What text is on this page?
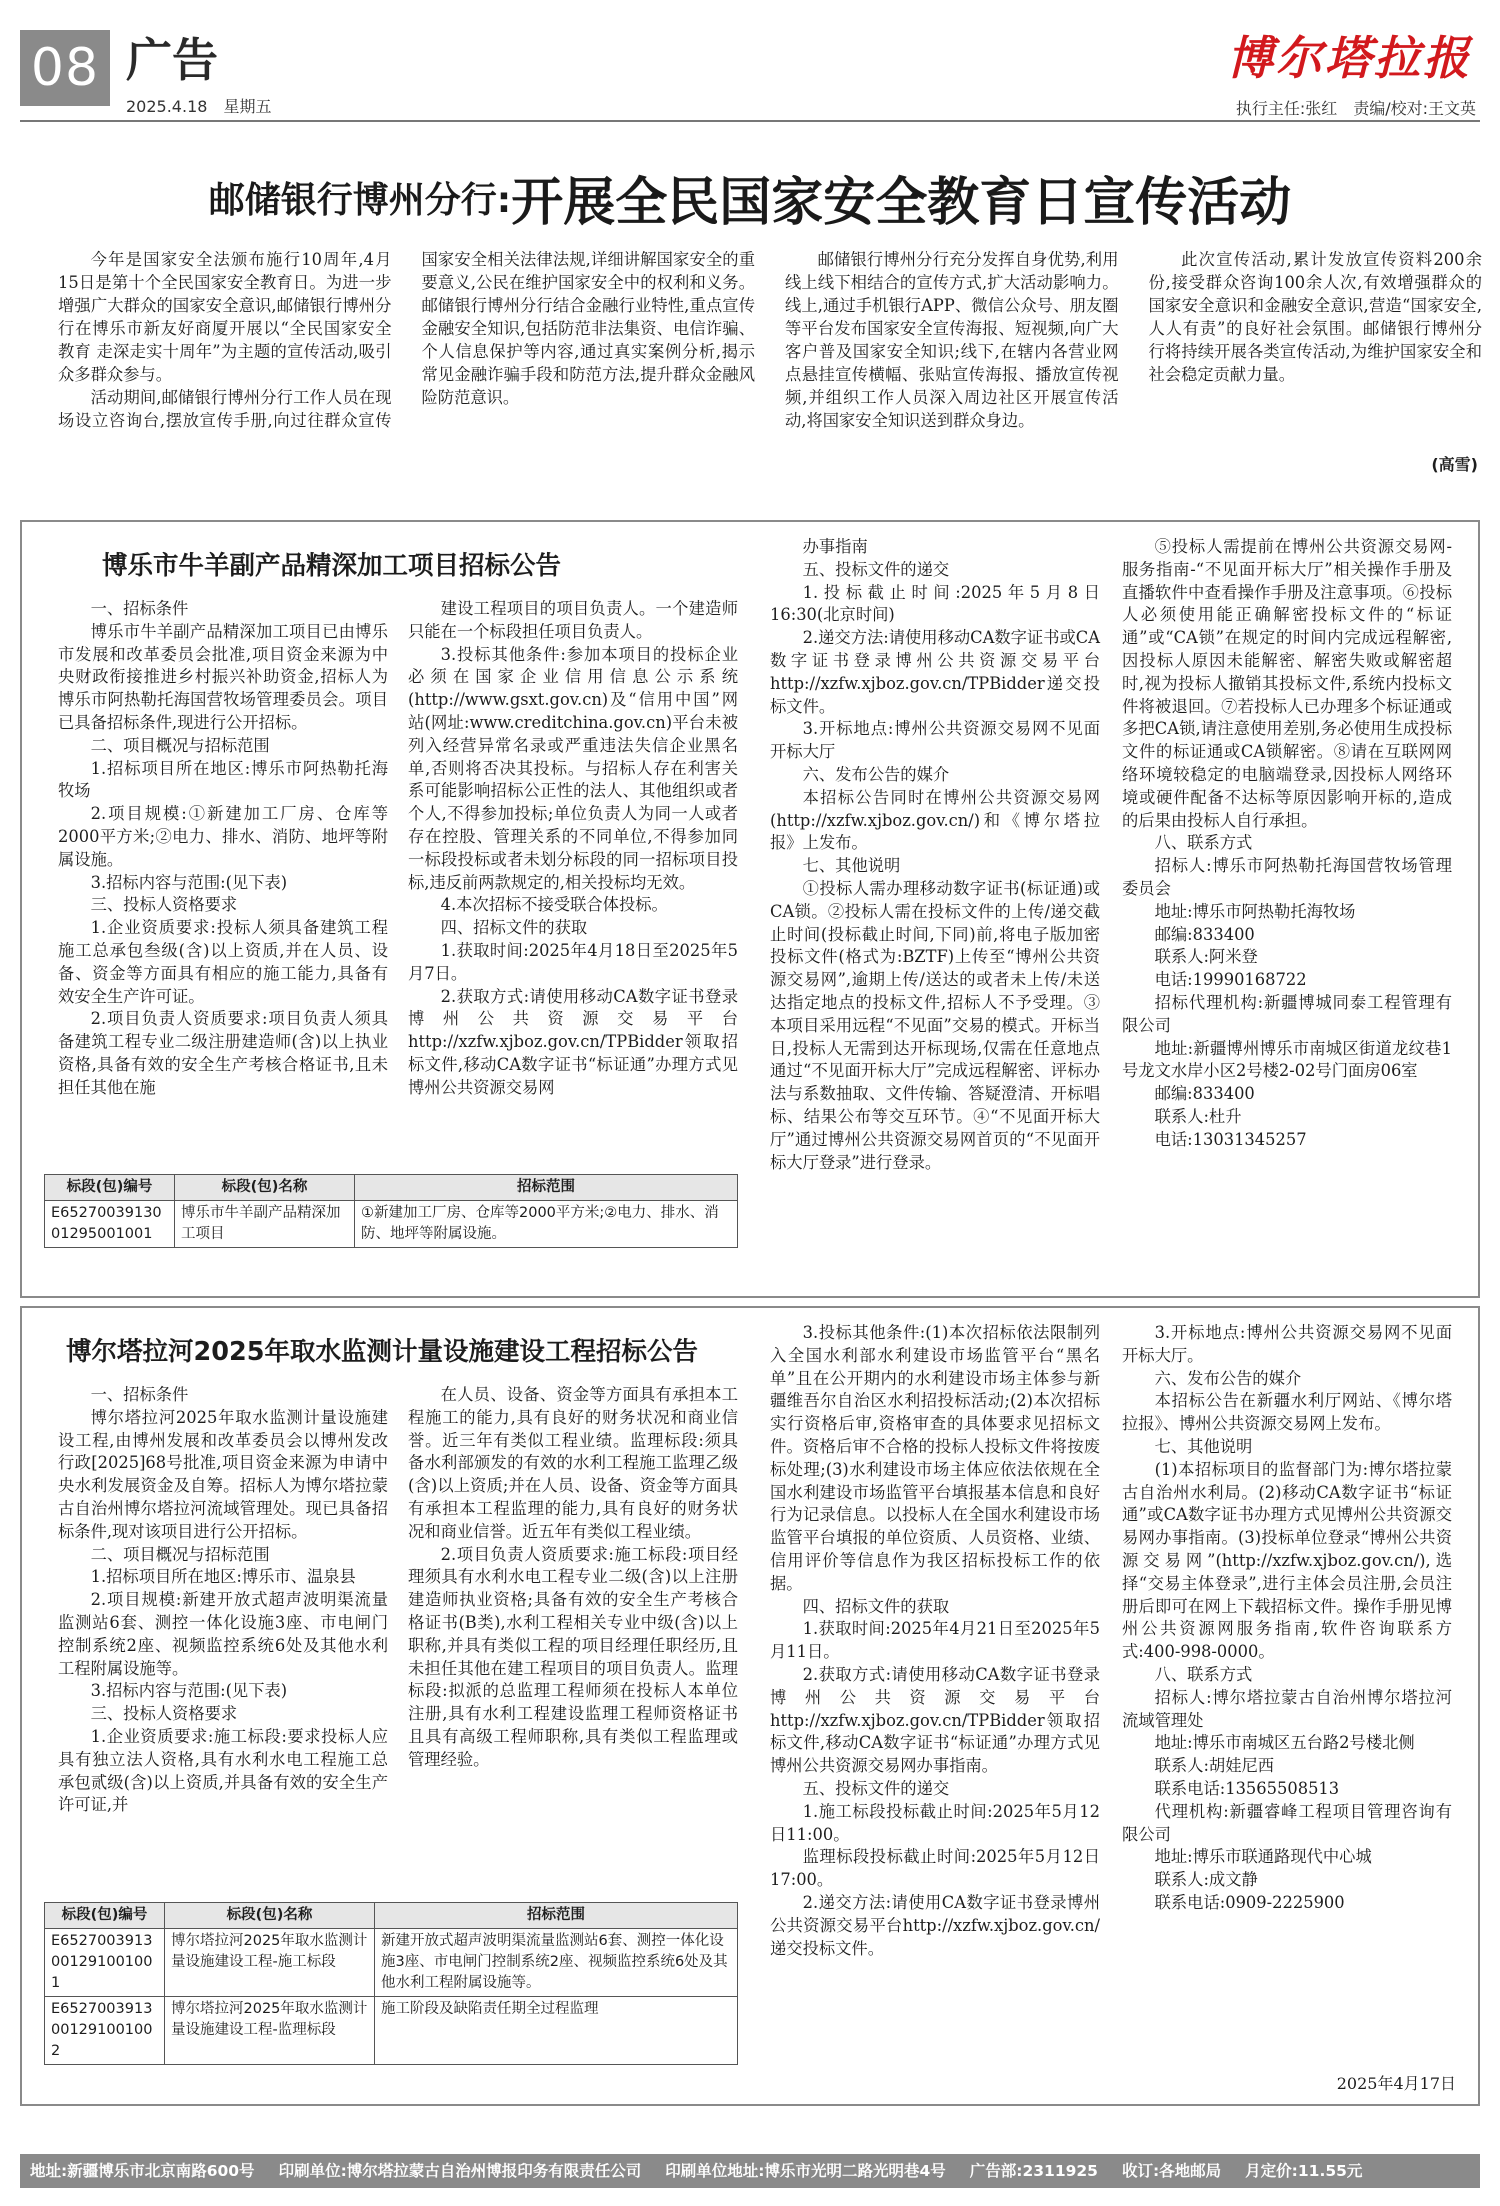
08 广告
2025.4.18　 星期五
博尔塔拉报
执行主任:张红　责编/校对:王文英
邮储银行博州分行:开展全民国家安全教育日宣传活动

今年是国家安全法颁布施行10周年,4月15日是第十个全民国家安全教育日。为进一步增强广大群众的国家安全意识,邮储银行博州分行在博乐市新友好商厦开展以“全民国家安全教育 走深走实十周年”为主题的宣传活动,吸引众多群众参与。

活动期间,邮储银行博州分行工作人员在现场设立咨询台,摆放宣传手册,向过往群众宣传国家安全相关法律法规,详细讲解国家安全的重要意义,公民在维护国家安全中的权利和义务。邮储银行博州分行结合金融行业特性,重点宣传金融安全知识,包括防范非法集资、电信诈骗、个人信息保护等内容,通过真实案例分析,揭示常见金融诈骗手段和防范方法,提升群众金融风险防范意识。

邮储银行博州分行充分发挥自身优势,利用线上线下相结合的宣传方式,扩大活动影响力。线上,通过手机银行APP、微信公众号、朋友圈等平台发布国家安全宣传海报、短视频,向广大客户普及国家安全知识;线下,在辖内各营业网点悬挂宣传横幅、张贴宣传海报、播放宣传视频,并组织工作人员深入周边社区开展宣传活动,将国家安全知识送到群众身边。

此次宣传活动,累计发放宣传资料200余份,接受群众咨询100余人次,有效增强群众的国家安全意识和金融安全意识,营造“国家安全,人人有责”的良好社会氛围。邮储银行博州分行将持续开展各类宣传活动,为维护国家安全和社会稳定贡献力量。

(高雪)
博乐市牛羊副产品精深加工项目招标公告

一、招标条件

博乐市牛羊副产品精深加工项目已由博乐市发展和改革委员会批准,项目资金来源为中央财政衔接推进乡村振兴补助资金,招标人为博乐市阿热勒托海国营牧场管理委员会。项目已具备招标条件,现进行公开招标。

二、项目概况与招标范围

1.招标项目所在地区:博乐市阿热勒托海牧场

2.项目规模:①新建加工厂房、仓库等2000平方米;②电力、排水、消防、地坪等附属设施。

3.招标内容与范围:(见下表)

三、投标人资格要求

1.企业资质要求:投标人须具备建筑工程施工总承包叁级(含)以上资质,并在人员、设备、资金等方面具有相应的施工能力,具备有效安全生产许可证。

2.项目负责人资质要求:项目负责人须具备建筑工程专业二级注册建造师(含)以上执业资格,具备有效的安全生产考核合格证书,且未担任其他在施

建设工程项目的项目负责人。一个建造师只能在一个标段担任项目负责人。

3.投标其他条件:参加本项目的投标企业必须在国家企业信用信息公示系统(http://www.gsxt.gov.cn)及“信用中国”网站(网址:www.creditchina.gov.cn)平台未被列入经营异常名录或严重违法失信企业黑名单,否则将否决其投标。与招标人存在利害关系可能影响招标公正性的法人、其他组织或者个人,不得参加投标;单位负责人为同一人或者存在控股、管理关系的不同单位,不得参加同一标段投标或者未划分标段的同一招标项目投标,违反前两款规定的,相关投标均无效。

4.本次招标不接受联合体投标。

四、招标文件的获取

1.获取时间:2025年4月18日至2025年5月7日。

2.获取方式:请使用移动CA数字证书登录博州公共资源交易平台http://xzfw.xjboz.gov.cn/TPBidder领取招标文件,移动CA数字证书“标证通”办理方式见博州公共资源交易网

办事指南

五、投标文件的递交

1.投标截止时间:2025年5月8日16:30(北京时间)

2.递交方法:请使用移动CA数字证书或CA数字证书登录博州公共资源交易平台http://xzfw.xjboz.gov.cn/TPBidder递交投标文件。

3.开标地点:博州公共资源交易网不见面开标大厅

六、发布公告的媒介

本招标公告同时在博州公共资源交易网(http://xzfw.xjboz.gov.cn/)和《博尔塔拉报》上发布。

七、其他说明

①投标人需办理移动数字证书(标证通)或CA锁。②投标人需在投标文件的上传/递交截止时间(投标截止时间,下同)前,将电子版加密投标文件(格式为:BZTF)上传至“博州公共资源交易网”,逾期上传/送达的或者未上传/未送达指定地点的投标文件,招标人不予受理。③本项目采用远程“不见面”交易的模式。开标当日,投标人无需到达开标现场,仅需在任意地点通过“不见面开标大厅”完成远程解密、评标办法与系数抽取、文件传输、答疑澄清、开标唱标、结果公布等交互环节。④“不见面开标大厅”通过博州公共资源交易网首页的“不见面开标大厅登录”进行登录。

⑤投标人需提前在博州公共资源交易网-服务指南-“不见面开标大厅”相关操作手册及直播软件中查看操作手册及注意事项。⑥投标人必须使用能正确解密投标文件的“标证通”或“CA锁”在规定的时间内完成远程解密,因投标人原因未能解密、解密失败或解密超时,视为投标人撤销其投标文件,系统内投标文件将被退回。⑦若投标人已办理多个标证通或多把CA锁,请注意使用差别,务必使用生成投标文件的标证通或CA锁解密。⑧请在互联网网络环境较稳定的电脑端登录,因投标人网络环境或硬件配备不达标等原因影响开标的,造成的后果由投标人自行承担。

八、联系方式

招标人:博乐市阿热勒托海国营牧场管理委员会

地址:博乐市阿热勒托海牧场

邮编:833400

联系人:阿米登

电话:19990168722

招标代理机构:新疆博城同泰工程管理有限公司

地址:新疆博州博乐市南城区街道龙纹巷1号龙文水岸小区2号楼2-02号门面房06室

邮编:833400

联系人:杜升

电话:13031345257

标段(包)编号	标段(包)名称	招标范围
E6527003913001295001001	博乐市牛羊副产品精深加工项目	①新建加工厂房、仓库等2000平方米;②电力、排水、消防、地坪等附属设施。
博尔塔拉河2025年取水监测计量设施建设工程招标公告

一、招标条件

博尔塔拉河2025年取水监测计量设施建设工程,由博州发展和改革委员会以博州发改行政[2025]68号批准,项目资金来源为申请中央水利发展资金及自筹。招标人为博尔塔拉蒙古自治州博尔塔拉河流域管理处。现已具备招标条件,现对该项目进行公开招标。

二、项目概况与招标范围

1.招标项目所在地区:博乐市、温泉县

2.项目规模:新建开放式超声波明渠流量监测站6套、测控一体化设施3座、市电闸门控制系统2座、视频监控系统6处及其他水利工程附属设施等。

3.招标内容与范围:(见下表)

三、投标人资格要求

1.企业资质要求:施工标段:要求投标人应具有独立法人资格,具有水利水电工程施工总承包贰级(含)以上资质,并具备有效的安全生产许可证,并

在人员、设备、资金等方面具有承担本工程施工的能力,具有良好的财务状况和商业信誉。近三年有类似工程业绩。监理标段:须具备水利部颁发的有效的水利工程施工监理乙级(含)以上资质;并在人员、设备、资金等方面具有承担本工程监理的能力,具有良好的财务状况和商业信誉。近五年有类似工程业绩。

2.项目负责人资质要求:施工标段:项目经理须具有水利水电工程专业二级(含)以上注册建造师执业资格;具备有效的安全生产考核合格证书(B类),水利工程相关专业中级(含)以上职称,并具有类似工程的项目经理任职经历,且未担任其他在建工程项目的项目负责人。监理标段:拟派的总监理工程师须在投标人本单位注册,具有水利工程建设监理工程师资格证书且具有高级工程师职称,具有类似工程监理或管理经验。

3.投标其他条件:(1)本次招标依法限制列入全国水利部水利建设市场监管平台“黑名单”且在公开期内的水利建设市场主体参与新疆维吾尔自治区水利招投标活动;(2)本次招标实行资格后审,资格审查的具体要求见招标文件。资格后审不合格的投标人投标文件将按废标处理;(3)水利建设市场主体应依法依规在全国水利建设市场监管平台填报基本信息和良好行为记录信息。以投标人在全国水利建设市场监管平台填报的单位资质、人员资格、业绩、信用评价等信息作为我区招标投标工作的依据。

四、招标文件的获取

1.获取时间:2025年4月21日至2025年5月11日。

2.获取方式:请使用移动CA数字证书登录博州公共资源交易平台http://xzfw.xjboz.gov.cn/TPBidder领取招标文件,移动CA数字证书“标证通”办理方式见博州公共资源交易网办事指南。

五、投标文件的递交

1.施工标段投标截止时间:2025年5月12日11:00。

监理标段投标截止时间:2025年5月12日17:00。

2.递交方法:请使用CA数字证书登录博州公共资源交易平台http://xzfw.xjboz.gov.cn/递交投标文件。

3.开标地点:博州公共资源交易网不见面开标大厅。

六、发布公告的媒介

本招标公告在新疆水利厅网站、《博尔塔拉报》、博州公共资源交易网上发布。

七、其他说明

(1)本招标项目的监督部门为:博尔塔拉蒙古自治州水利局。(2)移动CA数字证书“标证通”或CA数字证书办理方式见博州公共资源交易网办事指南。(3)投标单位登录“博州公共资源交易网”(http://xzfw.xjboz.gov.cn/),选择“交易主体登录”,进行主体会员注册,会员注册后即可在网上下载招标文件。操作手册见博州公共资源网服务指南,软件咨询联系方式:400-998-0000。

八、联系方式

招标人:博尔塔拉蒙古自治州博尔塔拉河流域管理处

地址:博乐市南城区五台路2号楼北侧

联系人:胡娃尼西

联系电话:13565508513

代理机构:新疆睿峰工程项目管理咨询有限公司

地址:博乐市联通路现代中心城

联系人:成文静

联系电话:0909-2225900

标段(包)编号	标段(包)名称	招标范围
E6527003913001291001001	博尔塔拉河2025年取水监测计量设施建设工程-施工标段	新建开放式超声波明渠流量监测站6套、测控一体化设施3座、市电闸门控制系统2座、视频监控系统6处及其他水利工程附属设施等。
E6527003913001291001002	博尔塔拉河2025年取水监测计量设施建设工程-监理标段	施工阶段及缺陷责任期全过程监理
2025年4月17日
地址:新疆博乐市北京南路600号 印刷单位:博尔塔拉蒙古自治州博报印务有限责任公司 印刷单位地址:博乐市光明二路光明巷4号 广告部:2311925 收订:各地邮局 月定价:11.55元
